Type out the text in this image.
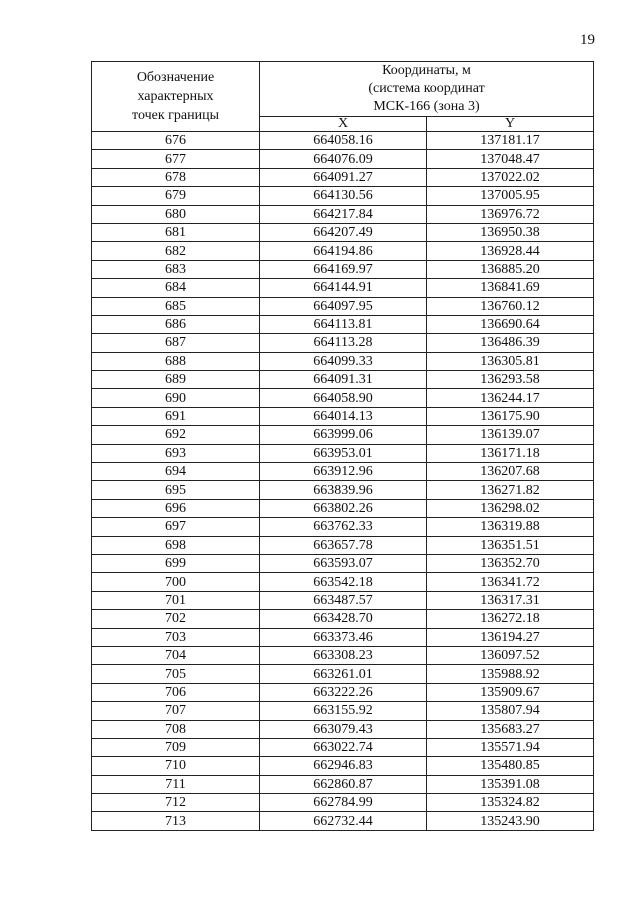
19
Обозначение
характерных
точек границы	Координаты, м
(система координат
МСК-166 (зона 3)	

	X	Y
676	664058.16	137181.17
677	664076.09	137048.47
678	664091.27	137022.02
679	664130.56	137005.95
680	664217.84	136976.72
681	664207.49	136950.38
682	664194.86	136928.44
683	664169.97	136885.20
684	664144.91	136841.69
685	664097.95	136760.12
686	664113.81	136690.64
687	664113.28	136486.39
688	664099.33	136305.81
689	664091.31	136293.58
690	664058.90	136244.17
691	664014.13	136175.90
692	663999.06	136139.07
693	663953.01	136171.18
694	663912.96	136207.68
695	663839.96	136271.82
696	663802.26	136298.02
697	663762.33	136319.88
698	663657.78	136351.51
699	663593.07	136352.70
700	663542.18	136341.72
701	663487.57	136317.31
702	663428.70	136272.18
703	663373.46	136194.27
704	663308.23	136097.52
705	663261.01	135988.92
706	663222.26	135909.67
707	663155.92	135807.94
708	663079.43	135683.27
709	663022.74	135571.94
710	662946.83	135480.85
711	662860.87	135391.08
712	662784.99	135324.82
713	662732.44	135243.90
